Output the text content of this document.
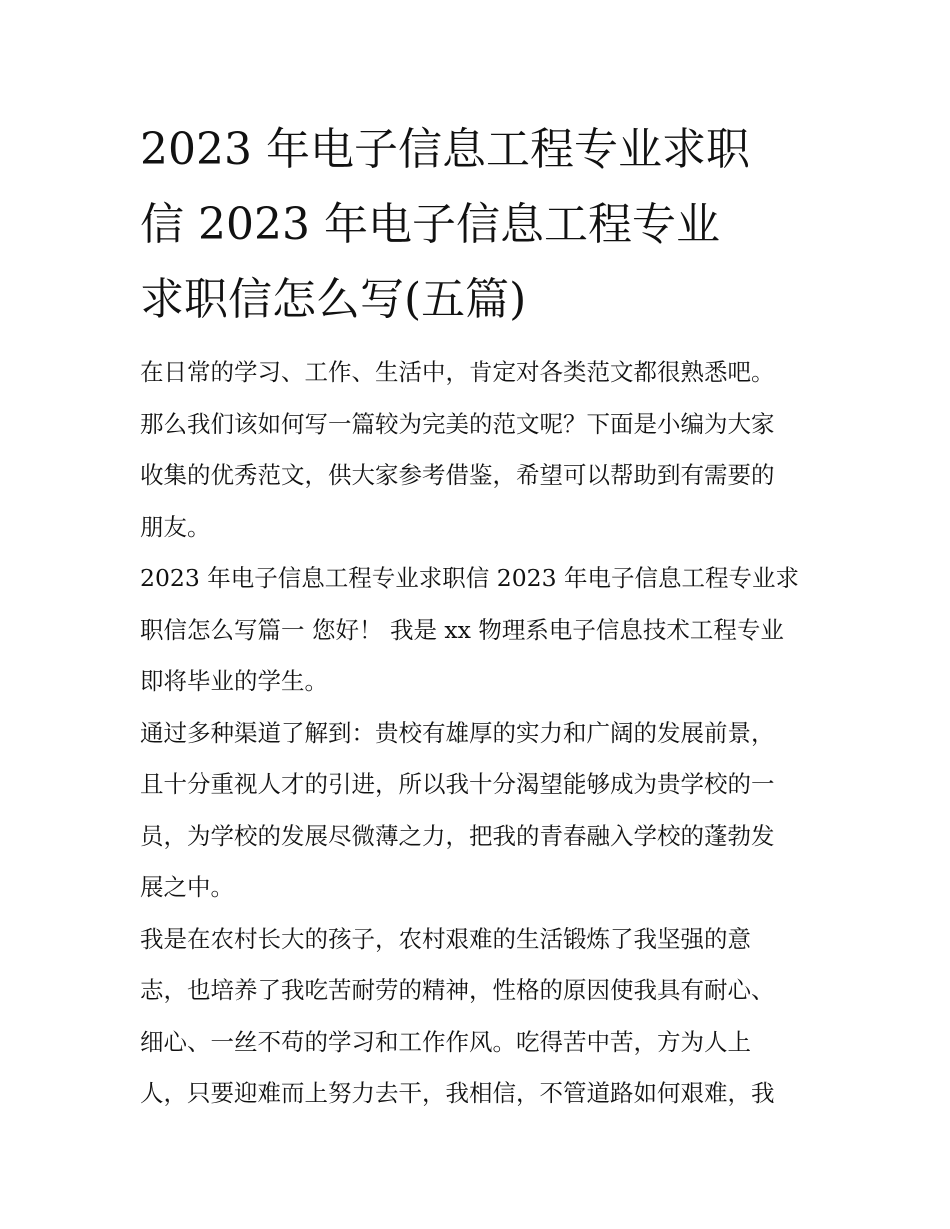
2023 年电子信息工程专业求职
信 2023 年电子信息工程专业
求职信怎么写(五篇)

在日常的学习、工作、生活中，肯定对各类范文都很熟悉吧。
那么我们该如何写一篇较为完美的范文呢？下面是小编为大家
收集的优秀范文，供大家参考借鉴，希望可以帮助到有需要的
朋友。

2023 年电子信息工程专业求职信 2023 年电子信息工程专业求
职信怎么写篇一 您好！ 我是 xx 物理系电子信息技术工程专业
即将毕业的学生。

通过多种渠道了解到：贵校有雄厚的实力和广阔的发展前景，
且十分重视人才的引进，所以我十分渴望能够成为贵学校的一
员，为学校的发展尽微薄之力，把我的青春融入学校的蓬勃发
展之中。

我是在农村长大的孩子，农村艰难的生活锻炼了我坚强的意
志，也培养了我吃苦耐劳的精神，性格的原因使我具有耐心、
细心、一丝不苟的学习和工作作风。吃得苦中苦，方为人上
人，只要迎难而上努力去干，我相信，不管道路如何艰难，我
